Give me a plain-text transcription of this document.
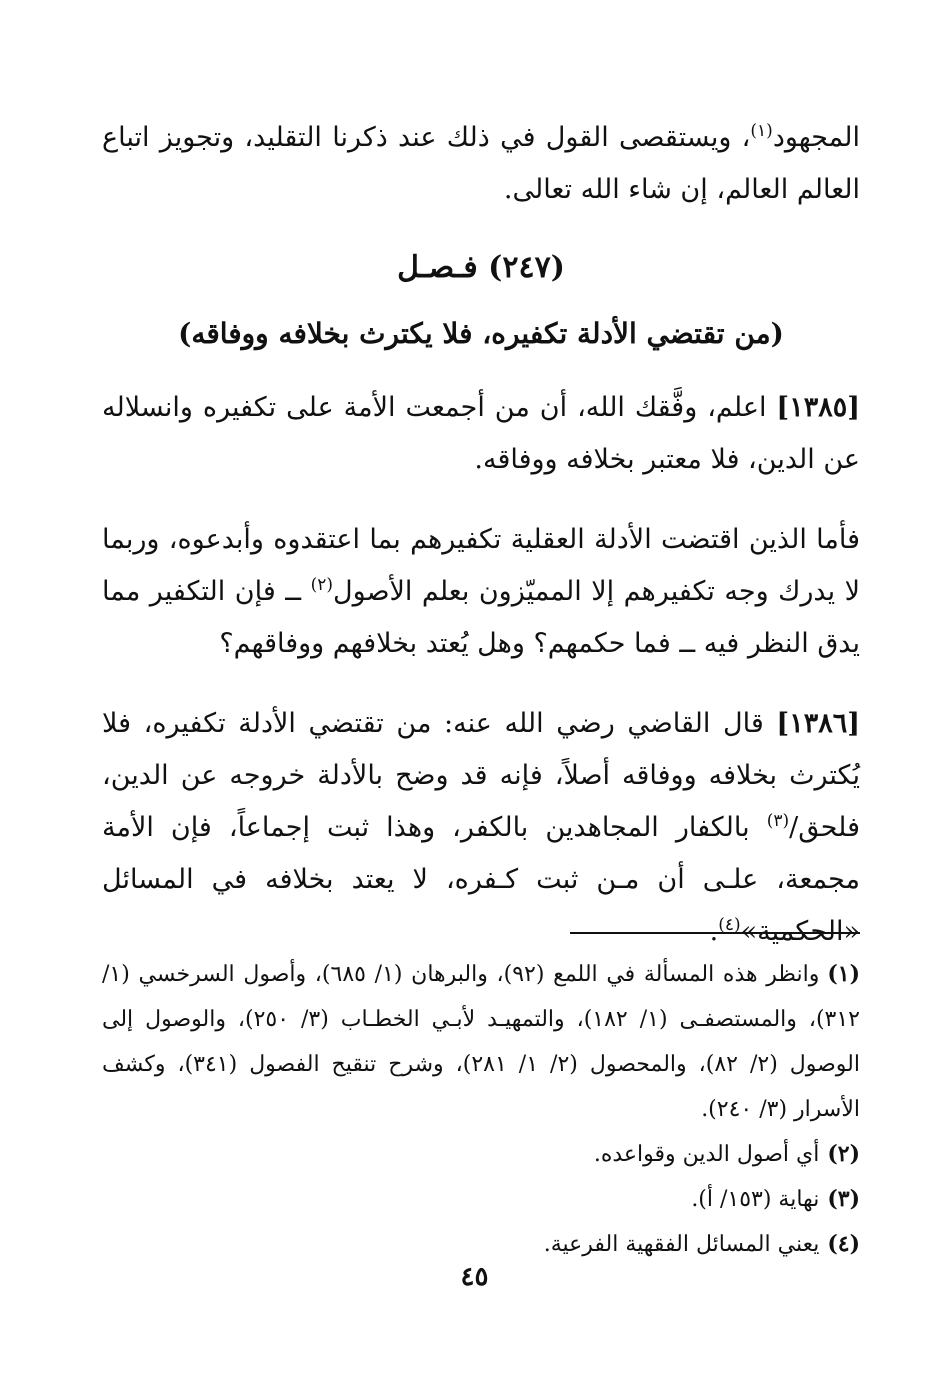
المجهود$^{(١)}$، ويستقصى القول في ذلك عند ذكرنا التقليد، وتجويز اتباع العالم العالم، إن شاء الله تعالى.

(٢٤٧) فـصـل
(من تقتضي الأدلة تكفيره، فلا يكترث بخلافه ووفاقه)

[١٣٨٥] اعلم، وفَّقك الله، أن من أجمعت الأمة على تكفيره وانسلاله عن الدين، فلا معتبر بخلافه ووفاقه.

فأما الذين اقتضت الأدلة العقلية تكفيرهم بما اعتقدوه وأبدعوه، وربما لا يدرك وجه تكفيرهم إلا المميّزون بعلم الأصول$^{(٢)}$ ــ فإن التكفير مما يدق النظر فيه ــ فما حكمهم؟ وهل يُعتد بخلافهم ووفاقهم؟

[١٣٨٦] قال القاضي رضي الله عنه: من تقتضي الأدلة تكفيره، فلا يُكترث بخلافه ووفاقه أصلاً، فإنه قد وضح بالأدلة خروجه عن الدين، فلحق/$^{(٣)}$ بالكفار المجاهدين بالكفر، وهذا ثبت إجماعاً، فإن الأمة مجمعة، علـى أن مـن ثبت كـفره، لا يعتد بخلافه في المسائل «الحكمية»$^{(٤)}$.

(١)وانظر هذه المسألة في اللمع (٩٢)، والبرهان (١/ ٦٨٥)، وأصول السرخسي (١/ ٣١٢)، والمستصفـى (١/ ١٨٢)، والتمهيـد لأبـي الخطـاب (٣/ ٢٥٠)، والوصول إلى الوصول (٢/ ٨٢)، والمحصول (٢/ ١/ ٢٨١)، وشرح تنقيح الفصول (٣٤١)، وكشف الأسرار (٣/ ٢٤٠).

(٢)أي أصول الدين وقواعده.

(٣)نهاية (١٥٣/ أ).

(٤)يعني المسائل الفقهية الفرعية.

٤٥
